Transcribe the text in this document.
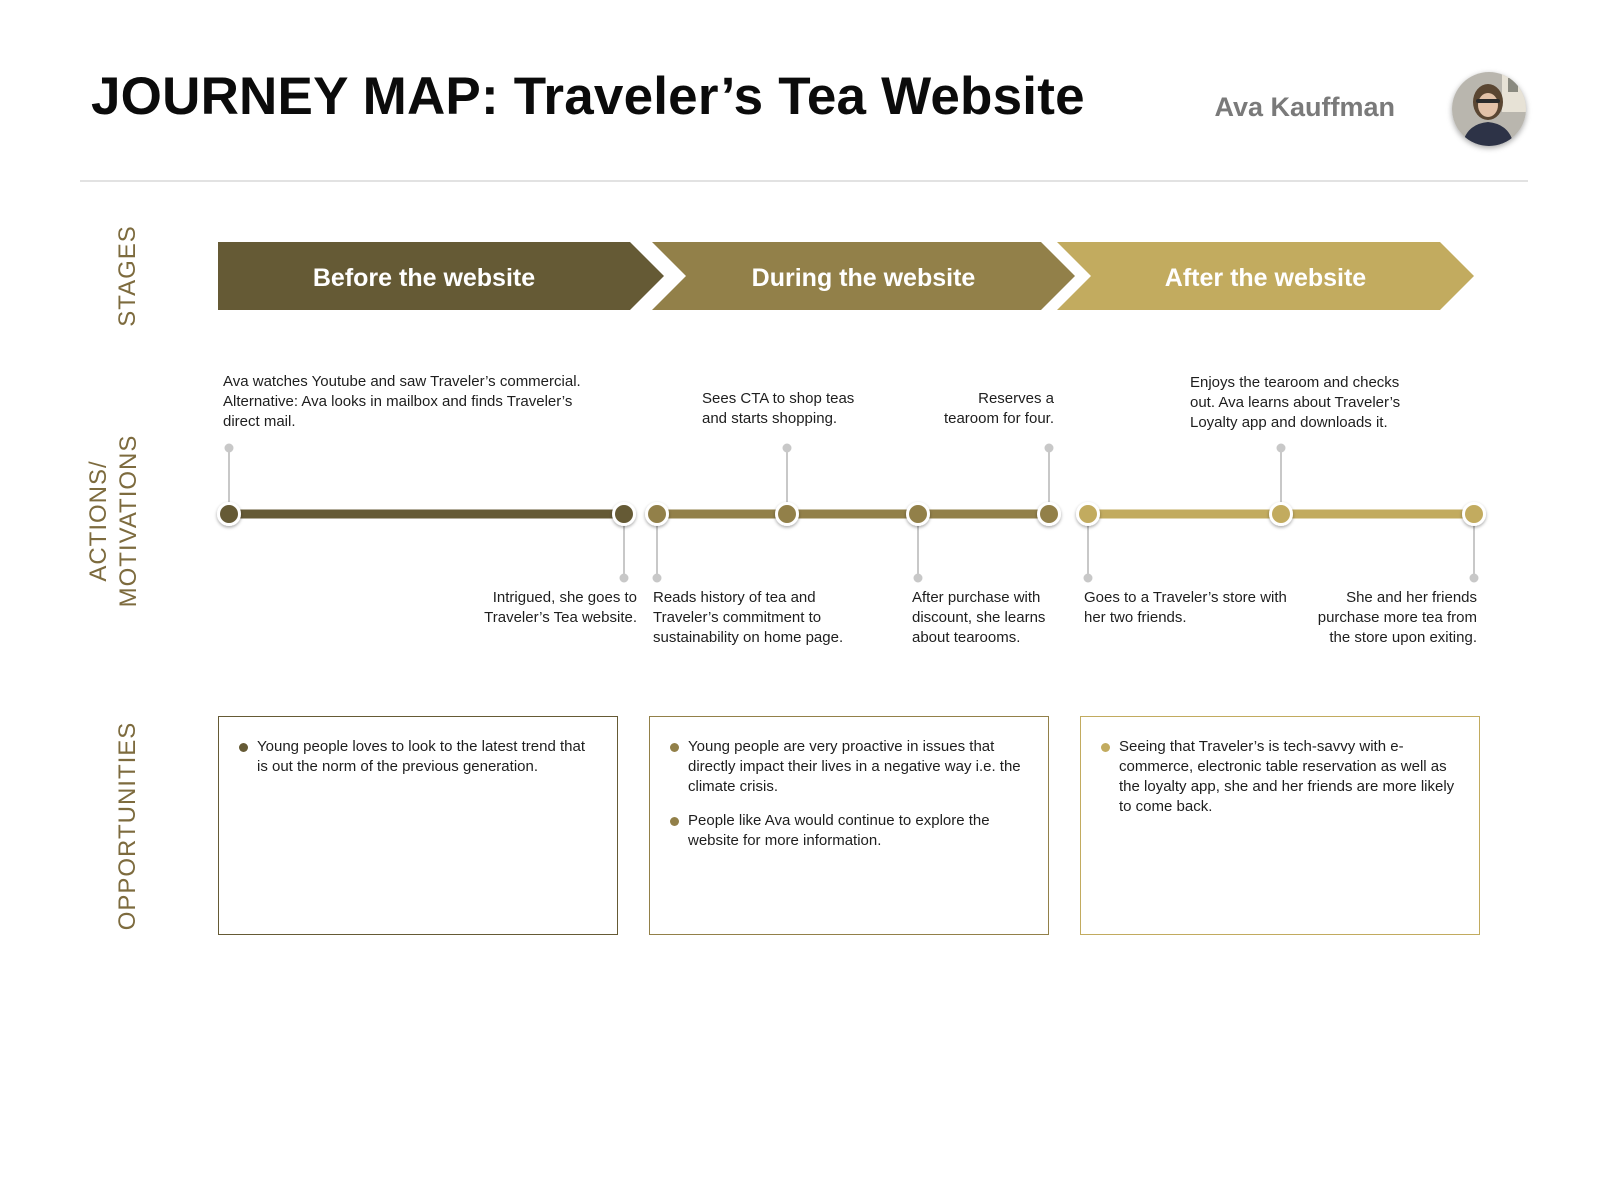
JOURNEY MAP: Traveler’s Tea Website	Ava Kauffman
STAGES
ACTIONS/ MOTIVATIONS
OPPORTUNITIES
Before the website	During the website	After the website
Ava watches Youtube and saw Traveler’s commercial. Alternative: Ava looks in mailbox and finds Traveler’s direct mail.
Intrigued, she goes to Traveler’s Tea website.
Sees CTA to shop teas and starts shopping.
Reserves a tearoom for four.
Reads history of tea and Traveler’s commitment to sustainability on home page.
After purchase with discount, she learns about tearooms.
Enjoys the tearoom and checks out. Ava learns about Traveler’s Loyalty app and downloads it.
Goes to a Traveler’s store with her two friends.
She and her friends purchase more tea from the store upon exiting.
Young people loves to look to the latest trend that is out the norm of the previous generation.
Young people are very proactive in issues that directly impact their lives in a negative way i.e. the climate crisis.
People like Ava would continue to explore the website for more information.
Seeing that Traveler’s is tech-savvy with e-commerce, electronic table reservation as well as the loyalty app, she and her friends are more likely to come back.
